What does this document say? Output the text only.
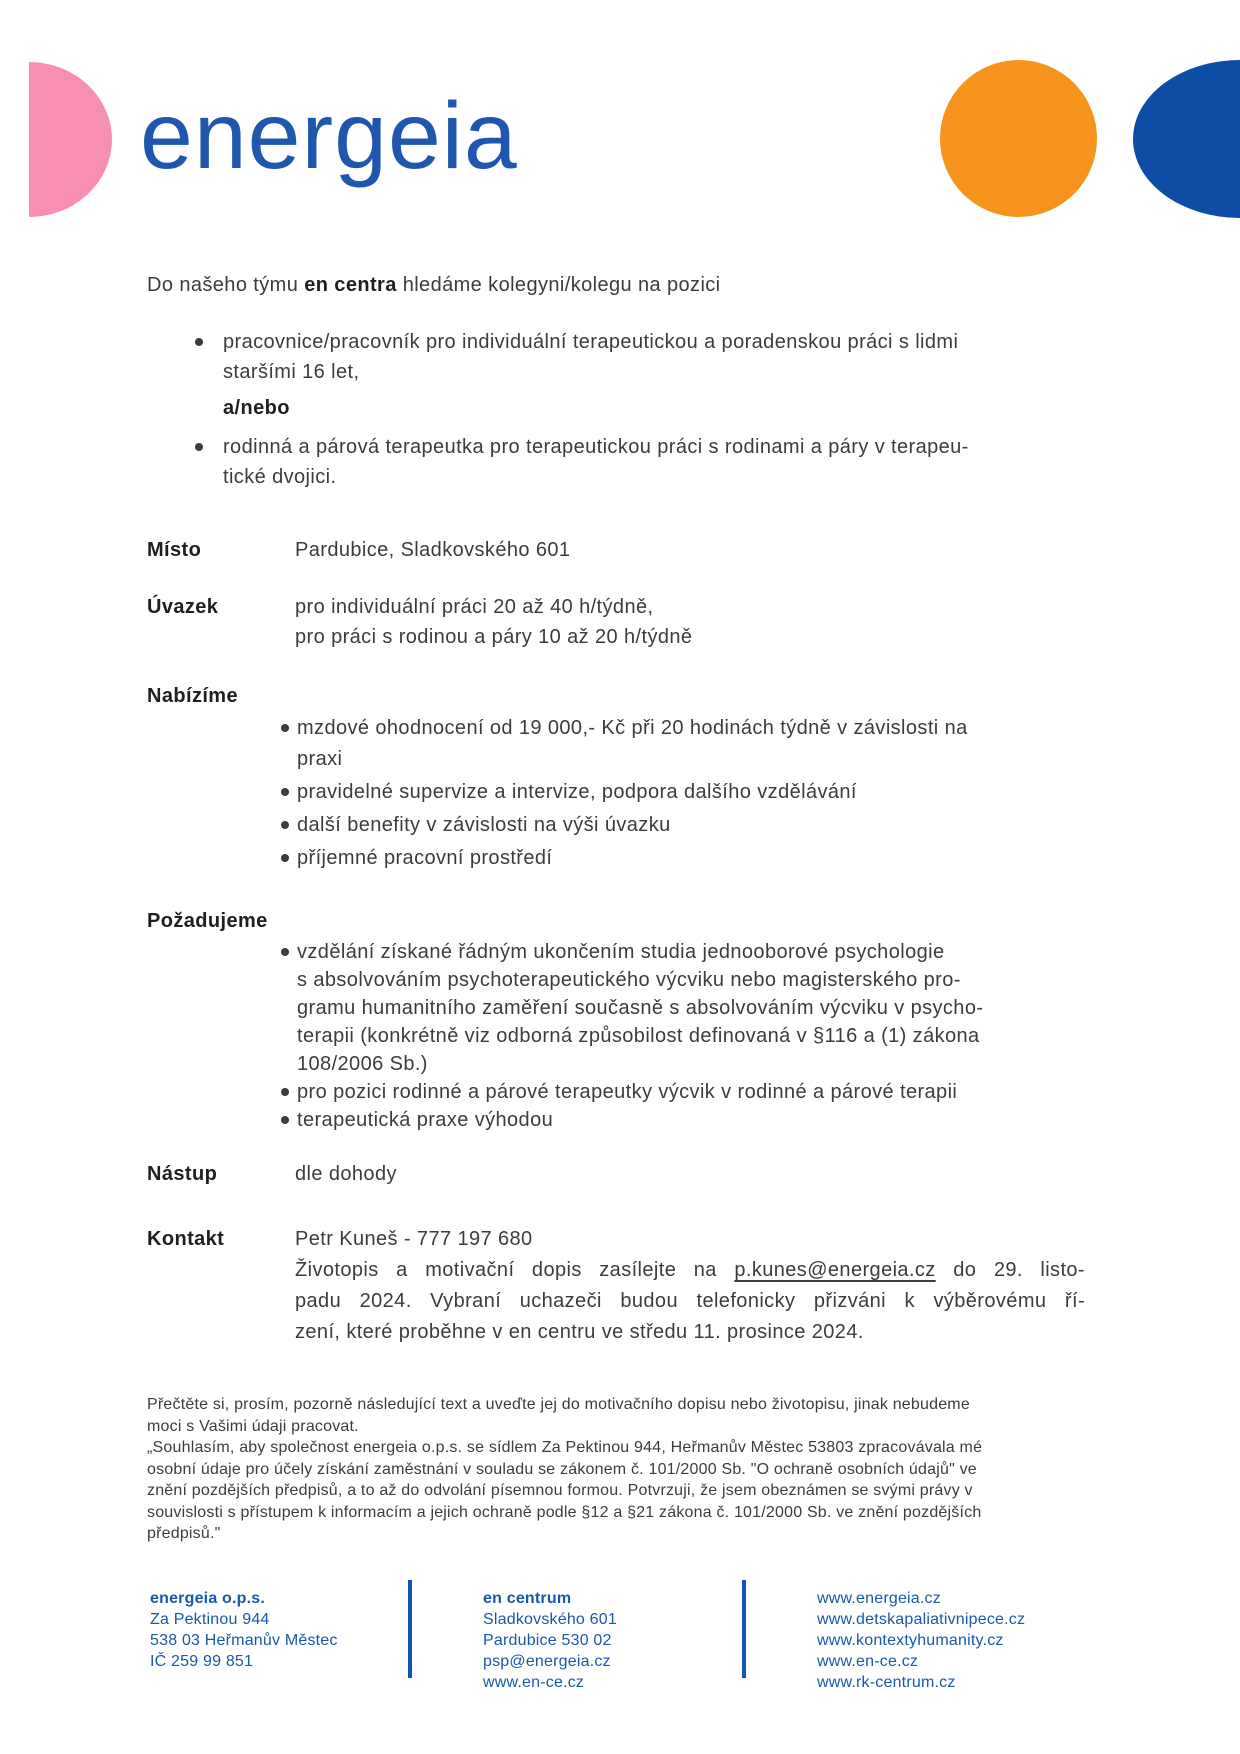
energeia

Do našeho týmu en centra hledáme kolegyni/kolegu na pozici

pracovnice/pracovník pro individuální terapeutickou a poradenskou práci s lidmi
staršími 16 let,

a/nebo

rodinná a párová terapeutka pro terapeutickou práci s rodinami a páry v terapeu-
tické dvojici.
Místo	Pardubice, Sladkovského 601
Úvazek	pro individuální práci 20 až 40 h/týdně,
pro práci s rodinou a páry 10 až 20 h/týdně
Nabízíme
mzdové ohodnocení od 19 000,- Kč při 20 hodinách týdně v závislosti na
praxi
pravidelné supervize a intervize, podpora dalšího vzdělávání
další benefity v závislosti na výši úvazku
příjemné pracovní prostředí
Požadujeme
vzdělání získané řádným ukončením studia jednooborové psychologie
s absolvováním psychoterapeutického výcviku nebo magisterského pro-
gramu humanitního zaměření současně s absolvováním výcviku v psycho-
terapii (konkrétně viz odborná způsobilost definovaná v §116 a (1) zákona
108/2006 Sb.)
pro pozici rodinné a párové terapeutky výcvik v rodinné a párové terapii
terapeutická praxe výhodou
Nástup	dle dohody
Kontakt	Petr Kuneš - 777 197 680
Životopis a motivační dopis zasílejte na p.kunes@energeia.cz do 29. listo-
padu 2024. Vybraní uchazeči budou telefonicky přizváni k výběrovému ří-
zení, které proběhne v en centru ve středu 11. prosince 2024.
Přečtěte si, prosím, pozorně následující text a uveďte jej do motivačního dopisu nebo životopisu, jinak nebudeme
moci s Vašimi údaji pracovat.
„Souhlasím, aby společnost energeia o.p.s. se sídlem Za Pektinou 944, Heřmanův Městec 53803 zpracovávala mé
osobní údaje pro účely získání zaměstnání v souladu se zákonem č. 101/2000 Sb. "O ochraně osobních údajů" ve
znění pozdějších předpisů, a to až do odvolání písemnou formou. Potvrzuji, že jsem obeznámen se svými právy v
souvislosti s přístupem k informacím a jejich ochraně podle §12 a §21 zákona č. 101/2000 Sb. ve znění pozdějších
předpisů."
energeia o.p.s.
Za Pektinou 944
538 03 Heřmanův Městec
IČ 259 99 851
en centrum
Sladkovského 601
Pardubice 530 02
psp@energeia.cz
www.en-ce.cz
www.energeia.cz
www.detskapaliativnipece.cz
www.kontextyhumanity.cz
www.en-ce.cz
www.rk-centrum.cz
